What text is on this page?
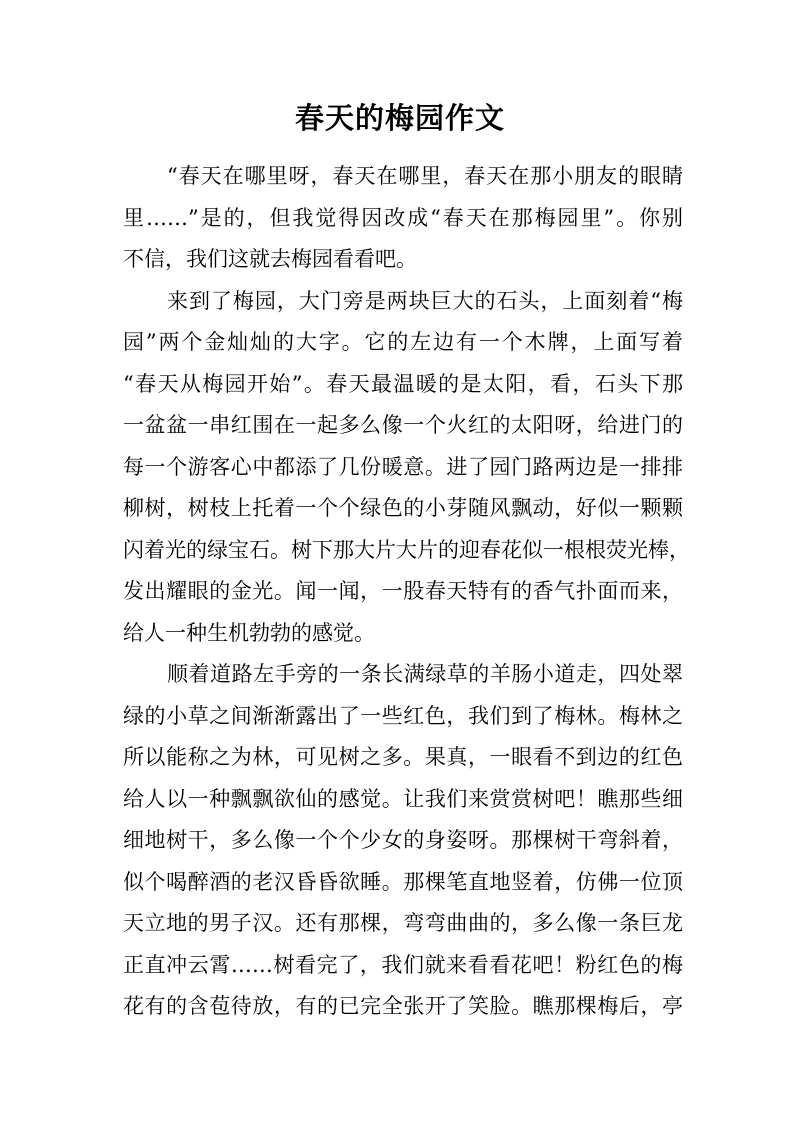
春天的梅园作文
“春天在哪里呀，春天在哪里，春天在那小朋友的眼睛
里……”是的，但我觉得因改成“春天在那梅园里”。你别
不信，我们这就去梅园看看吧。
来到了梅园，大门旁是两块巨大的石头，上面刻着“梅
园”两个金灿灿的大字。它的左边有一个木牌，上面写着
“春天从梅园开始”。春天最温暖的是太阳，看，石头下那
一盆盆一串红围在一起多么像一个火红的太阳呀，给进门的
每一个游客心中都添了几份暖意。进了园门路两边是一排排
柳树，树枝上托着一个个绿色的小芽随风飘动，好似一颗颗
闪着光的绿宝石。树下那大片大片的迎春花似一根根荧光棒，
发出耀眼的金光。闻一闻，一股春天特有的香气扑面而来，
给人一种生机勃勃的感觉。
顺着道路左手旁的一条长满绿草的羊肠小道走，四处翠
绿的小草之间渐渐露出了一些红色，我们到了梅林。梅林之
所以能称之为林，可见树之多。果真，一眼看不到边的红色
给人以一种飘飘欲仙的感觉。让我们来赏赏树吧！瞧那些细
细地树干，多么像一个个少女的身姿呀。那棵树干弯斜着，
似个喝醉酒的老汉昏昏欲睡。那棵笔直地竖着，仿佛一位顶
天立地的男子汉。还有那棵，弯弯曲曲的，多么像一条巨龙
正直冲云霄……树看完了，我们就来看看花吧！粉红色的梅
花有的含苞待放，有的已完全张开了笑脸。瞧那棵梅后，亭
